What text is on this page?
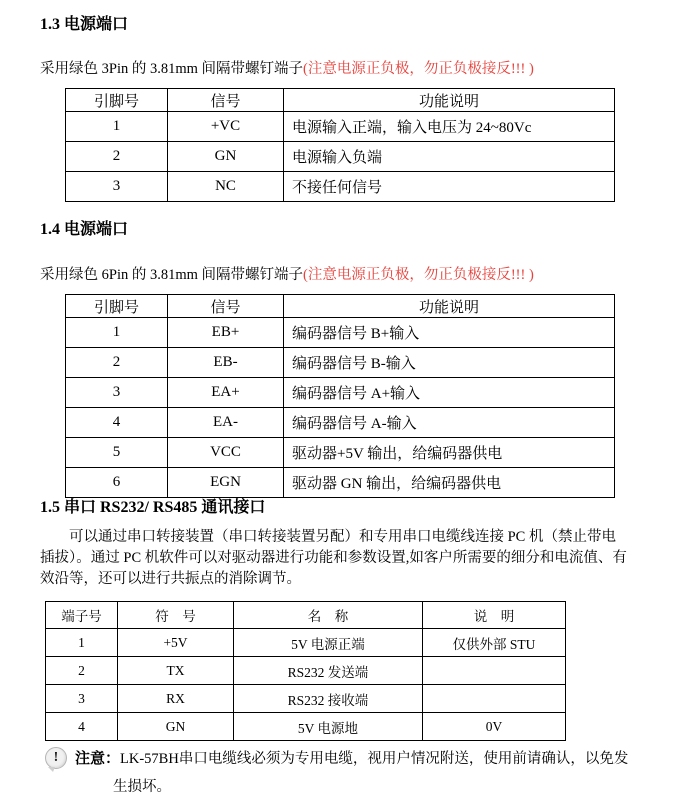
1.3 电源端口
采用绿色 3Pin 的 3.81mm 间隔带螺钉端子(注意电源正负极，勿正负极接反!!! )
引脚号	信号	功能说明
1	+VC	电源输入正端，输入电压为 24~80Vc
2	GN	电源输入负端
3	NC	不接任何信号
1.4 电源端口
采用绿色 6Pin 的 3.81mm 间隔带螺钉端子(注意电源正负极，勿正负极接反!!! )
引脚号	信号	功能说明
1	EB+	编码器信号 B+输入
2	EB-	编码器信号 B-输入
3	EA+	编码器信号 A+输入
4	EA-	编码器信号 A-输入
5	VCC	驱动器+5V 输出，给编码器供电
6	EGN	驱动器 GN 输出，给编码器供电
1.5 串口 RS232/ RS485 通讯接口
可以通过串口转接装置（串口转接装置另配）和专用串口电缆线连接 PC 机（禁止带电
插拔）。通过 PC 机软件可以对驱动器进行功能和参数设置,如客户所需要的细分和电流值、有
效沿等，还可以进行共振点的消除调节。
端子号	符　号	名　称	说　明
1	+5V	5V 电源正端	仅供外部 STU
2	TX	RS232 发送端	
3	RX	RS232 接收端	
4	GN	5V 电源地	0V
!	注意：LK-57BH串口电缆线必须为专用电缆，视用户情况附送，使用前请确认，以免发
生损坏。
